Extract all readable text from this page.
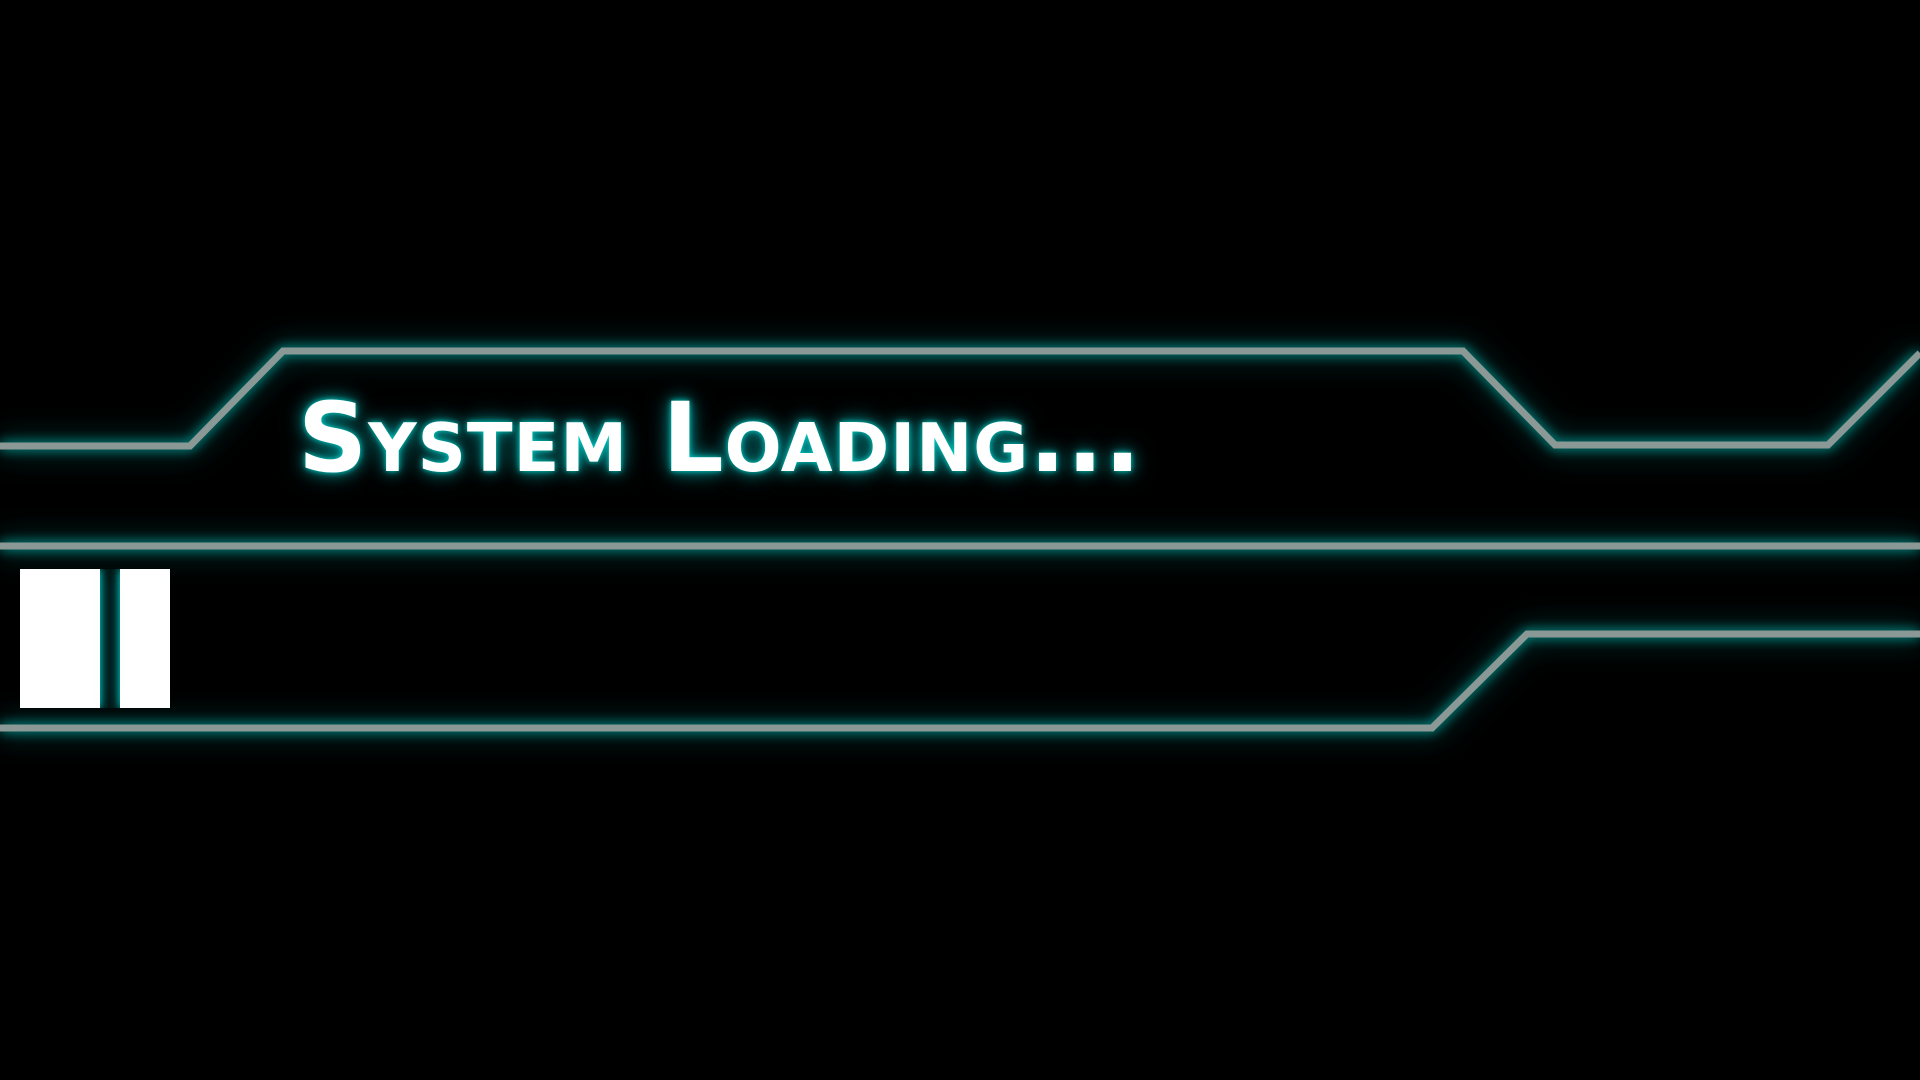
System Loading...
